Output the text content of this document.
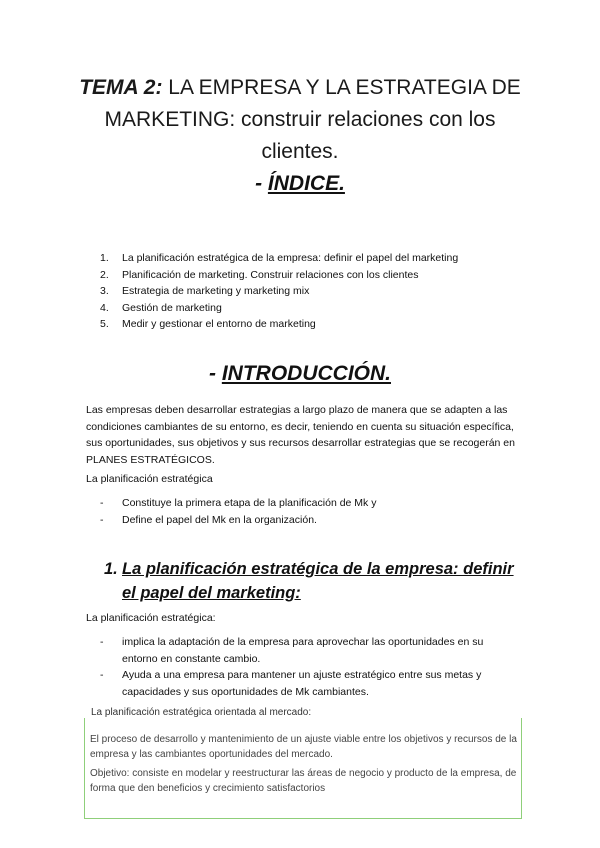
TEMA 2: LA EMPRESA Y LA ESTRATEGIA DE MARKETING: construir relaciones con los clientes.
- ÍNDICE.
1.	La planificación estratégica de la empresa: definir el papel del marketing
2.	Planificación de marketing. Construir relaciones con los clientes
3.	Estrategia de marketing y marketing mix
4.	Gestión de marketing
5.	Medir y gestionar el entorno de marketing
- INTRODUCCIÓN.

Las empresas deben desarrollar estrategias a largo plazo de manera que se adapten a las condiciones cambiantes de su entorno, es decir, teniendo en cuenta su situación específica, sus oportunidades, sus objetivos y sus recursos desarrollar estrategias que se recogerán en PLANES ESTRATÉGICOS.

La planificación estratégica

-	Constituye la primera etapa de la planificación de Mk y
-	Define el papel del Mk en la organización.
1. La planificación estratégica de la empresa: definir el papel del marketing:

La planificación estratégica:

-	implica la adaptación de la empresa para aprovechar las oportunidades en su entorno en constante cambio.
-	Ayuda a una empresa para mantener un ajuste estratégico entre sus metas y capacidades y sus oportunidades de Mk cambiantes.
La planificación estratégica orientada al mercado:

El proceso de desarrollo y mantenimiento de un ajuste viable entre los objetivos y recursos de la empresa y las cambiantes oportunidades del mercado.

Objetivo: consiste en modelar y reestructurar las áreas de negocio y producto de la empresa, de forma que den beneficios y crecimiento satisfactorios
